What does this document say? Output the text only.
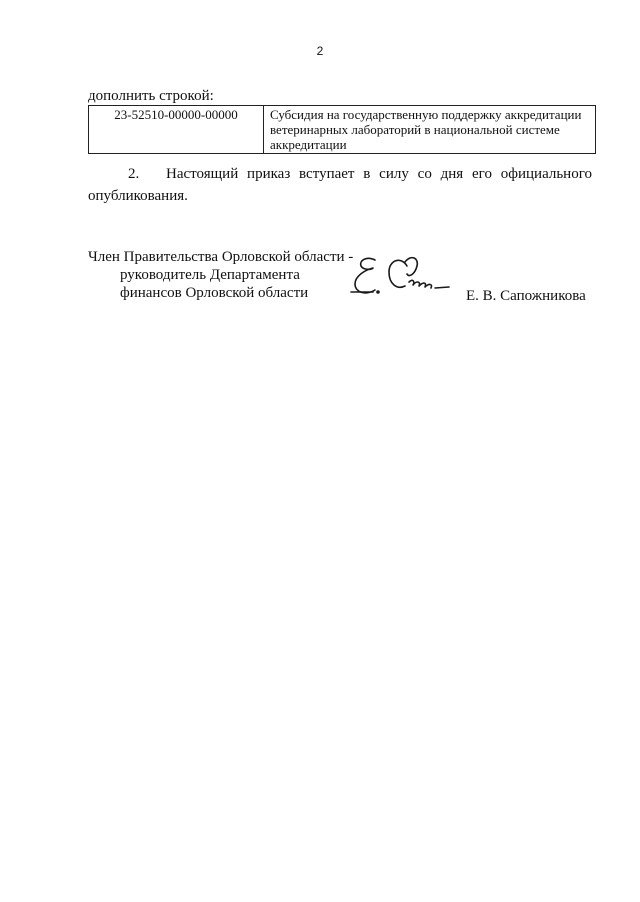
2
дополнить строкой:
23-52510-00000-00000	Субсидия на государственную поддержку аккредитации ветеринарных лабораторий в национальной системе аккредитации
2. Настоящий приказ вступает в силу со дня его официального опубликования.
Член Правительства Орловской области -
руководитель Департамента
финансов Орловской области	Е. В. Сапожникова
